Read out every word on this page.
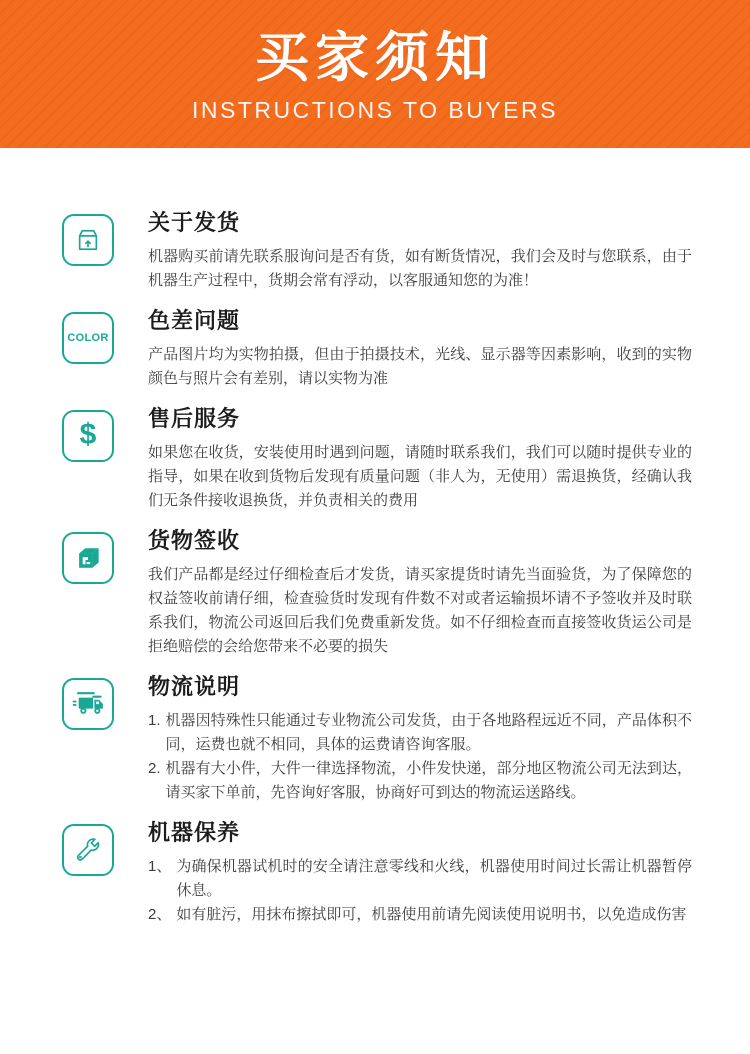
买家须知
INSTRUCTIONS TO BUYERS
关于发货
机器购买前请先联系服询问是否有货，如有断货情况，我们会及时与您联系，由于机器生产过程中，货期会常有浮动，以客服通知您的为准！
COLOR
色差问题
产品图片均为实物拍摄，但由于拍摄技术，光线、显示器等因素影响，收到的实物颜色与照片会有差别，请以实物为准
$ 售后服务
如果您在收货，安装使用时遇到问题，请随时联系我们，我们可以随时提供专业的指导，如果在收到货物后发现有质量问题（非人为，无使用）需退换货，经确认我们无条件接收退换货，并负责相关的费用
货物签收
我们产品都是经过仔细检查后才发货，请买家提货时请先当面验货，为了保障您的权益签收前请仔细，检查验货时发现有件数不对或者运输损坏请不予签收并及时联系我们，物流公司返回后我们免费重新发货。如不仔细检查而直接签收货运公司是拒绝赔偿的会给您带来不必要的损失
物流说明
1. 机器因特殊性只能通过专业物流公司发货，由于各地路程远近不同，产品体积不同，运费也就不相同，具体的运费请咨询客服。
2. 机器有大小件，大件一律选择物流，小件发快递，部分地区物流公司无法到达，请买家下单前，先咨询好客服，协商好可到达的物流运送路线。
机器保养
1、 为确保机器试机时的安全请注意零线和火线，机器使用时间过长需让机器暂停休息。
2、 如有脏污，用抹布擦拭即可，机器使用前请先阅读使用说明书，以免造成伤害
